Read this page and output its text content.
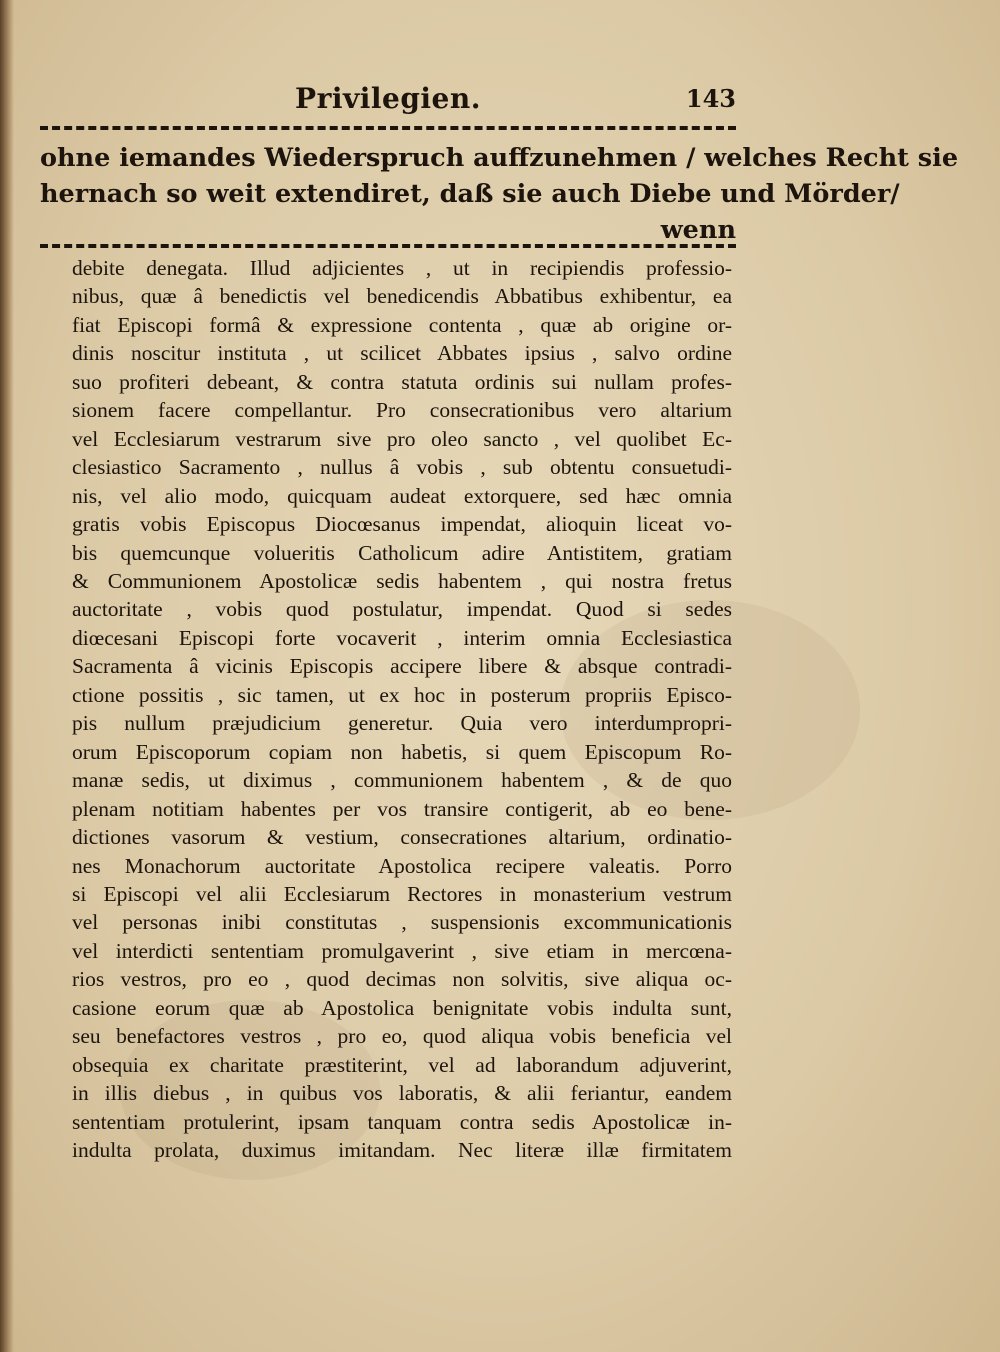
Privilegien.	143
ohne iemandes Wiederspruch auffzunehmen / welches Recht sie
hernach so weit extendiret, daß sie auch Diebe und Mörder/
wenn
debite denegata. Illud adjicientes , ut in recipiendis professio-
nibus, quæ â benedictis vel benedicendis Abbatibus exhibentur, ea
fiat Episcopi formâ & expressione contenta , quæ ab origine or-
dinis noscitur instituta , ut scilicet Abbates ipsius , salvo ordine
suo profiteri debeant, & contra statuta ordinis sui nullam profes-
sionem facere compellantur. Pro consecrationibus vero altarium
vel Ecclesiarum vestrarum sive pro oleo sancto , vel quolibet Ec-
clesiastico Sacramento , nullus â vobis , sub obtentu consuetudi-
nis, vel alio modo, quicquam audeat extorquere, sed hæc omnia
gratis vobis Episcopus Diocœsanus impendat, alioquin liceat vo-
bis quemcunque volueritis Catholicum adire Antistitem, gratiam
& Communionem Apostolicæ sedis habentem , qui nostra fretus
auctoritate , vobis quod postulatur, impendat. Quod si sedes
diœcesani Episcopi forte vocaverit , interim omnia Ecclesiastica
Sacramenta â vicinis Episcopis accipere libere & absque contradi-
ctione possitis , sic tamen, ut ex hoc in posterum propriis Episco-
pis nullum præjudicium generetur. Quia vero interdumpropri-
orum Episcoporum copiam non habetis, si quem Episcopum Ro-
manæ sedis, ut diximus , communionem habentem , & de quo
plenam notitiam habentes per vos transire contigerit, ab eo bene-
dictiones vasorum & vestium, consecrationes altarium, ordinatio-
nes Monachorum auctoritate Apostolica recipere valeatis. Porro
si Episcopi vel alii Ecclesiarum Rectores in monasterium vestrum
vel personas inibi constitutas , suspensionis excommunicationis
vel interdicti sententiam promulgaverint , sive etiam in mercœna-
rios vestros, pro eo , quod decimas non solvitis, sive aliqua oc-
casione eorum quæ ab Apostolica benignitate vobis indulta sunt,
seu benefactores vestros , pro eo, quod aliqua vobis beneficia vel
obsequia ex charitate præstiterint, vel ad laborandum adjuverint,
in illis diebus , in quibus vos laboratis, & alii feriantur, eandem
sententiam protulerint, ipsam tanquam contra sedis Apostolicæ in-
indulta prolata, duximus imitandam. Nec literæ illæ firmitatem
